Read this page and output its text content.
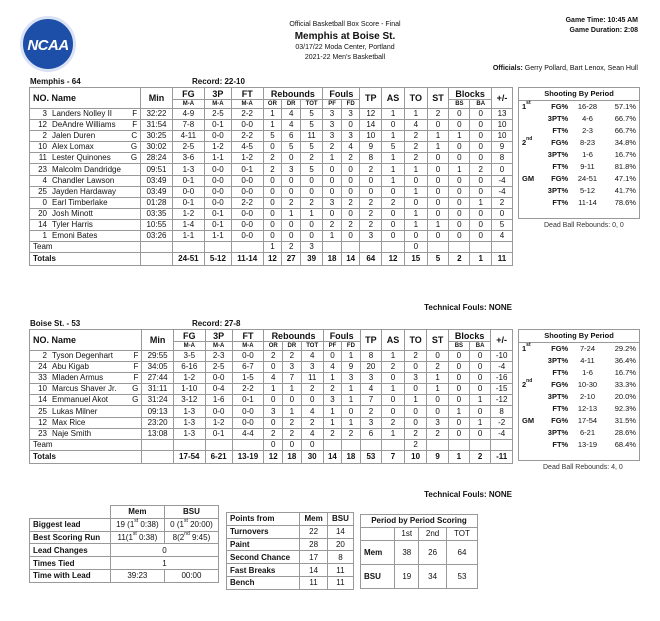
NCAA
Official Basketball Box Score - Final
Memphis at Boise St.
03/17/22 Moda Center, Portland
2021-22 Men's Basketball
Game Time: 10:45 AM
Game Duration: 2:08
Officials: Gerry Pollard, Bart Lenox, Sean Hull
Memphis - 64	Record: 22-10
NO. Name	Min	FG	3P	FT	Rebounds			Fouls		TP	AS	TO	ST	Blocks		+/-
		M-A	M-A	M-A	OR	DR	TOT	PF	FD					BS	BA	
3 Landers Nolley II F	32:22	4-9	2-5	2-2	1	4	5	3	3	12	1	1	2	0	0	13
12 DeAndre Williams F	31:54	7-8	0-1	0-0	1	4	5	3	0	14	0	4	0	0	0	10
2 Jalen Duren C	30:25	4-11	0-0	2-2	5	6	11	3	3	10	1	2	1	1	0	10
10 Alex Lomax G	30:02	2-5	1-2	4-5	0	5	5	2	4	9	5	2	1	0	0	9
11 Lester Quinones G	28:24	3-6	1-1	1-2	2	0	2	1	2	8	1	2	0	0	0	8
23 Malcolm Dandridge	09:51	1-3	0-0	0-1	2	3	5	0	0	2	1	1	0	1	2	0
4 Chandler Lawson	03:49	0-1	0-0	0-0	0	0	0	0	0	0	1	0	0	0	0	-4
25 Jayden Hardaway	03:49	0-0	0-0	0-0	0	0	0	0	0	0	0	1	0	0	0	-4
0 Earl Timberlake	01:28	0-1	0-0	2-2	0	2	2	3	2	2	2	0	0	0	1	2
20 Josh Minott	03:35	1-2	0-1	0-0	0	1	1	0	0	2	0	1	0	0	0	0
14 Tyler Harris	10:55	1-4	0-1	0-0	0	0	0	2	2	2	0	1	1	0	0	5
1 Emoni Bates	03:26	1-1	1-1	0-0	0	0	0	1	0	3	0	0	0	0	0	4
Team					1	2	3					0				
Totals		24-51	5-12	11-14	12	27	39	18	14	64	12	15	5	2	1	11
Technical Fouls: NONE
Shooting By Period			
1st	FG%	16-28	57.1%
	3PT%	4-6	66.7%
	FT%	2-3	66.7%
2nd	FG%	8-23	34.8%
	3PT%	1-6	16.7%
	FT%	9-11	81.8%
GM	FG%	24-51	47.1%
	3PT%	5-12	41.7%
	FT%	11-14	78.6%
Dead Ball Rebounds: 0, 0
Boise St. - 53	Record: 27-8
NO. Name	Min	FG	3P	FT	Rebounds			Fouls		TP	AS	TO	ST	Blocks		+/-
		M-A	M-A	M-A	OR	DR	TOT	PF	FD					BS	BA	
2 Tyson Degenhart F	29:55	3-5	2-3	0-0	2	2	4	0	1	8	1	2	0	0	0	-10
24 Abu Kigab F	34:05	6-16	2-5	6-7	0	3	3	4	9	20	2	0	2	0	0	-4
33 Mladen Armus F	27:44	1-2	0-0	1-5	4	7	11	1	3	3	0	3	1	0	0	-16
10 Marcus Shaver Jr. G	31:11	1-10	0-4	2-2	1	1	2	2	1	4	1	0	1	0	0	-15
14 Emmanuel Akot G	31:24	3-12	1-6	0-1	0	0	0	3	1	7	0	1	0	0	1	-12
25 Lukas Milner	09:13	1-3	0-0	0-0	3	1	4	1	0	2	0	0	0	1	0	8
12 Max Rice	23:20	1-3	1-2	0-0	0	2	2	1	1	3	2	0	3	0	1	-2
23 Naje Smith	13:08	1-3	0-1	4-4	2	2	4	2	2	6	1	2	2	0	0	-4
Team					0	0	0					2				
Totals		17-54	6-21	13-19	12	18	30	14	18	53	7	10	9	1	2	-11
Technical Fouls: NONE
Shooting By Period			
1st	FG%	7-24	29.2%
	3PT%	4-11	36.4%
	FT%	1-6	16.7%
2nd	FG%	10-30	33.3%
	3PT%	2-10	20.0%
	FT%	12-13	92.3%
GM	FG%	17-54	31.5%
	3PT%	6-21	28.6%
	FT%	13-19	68.4%
Dead Ball Rebounds: 4, 0
	Mem	BSU
Biggest lead	19 (1st 0:38)	0 (1st 20:00)
Best Scoring Run	11(1st 0:38)	8(2nd 9:45)
Lead Changes	0	
Times Tied	1	
Time with Lead	39:23	00:00
Points from	Mem	BSU
Turnovers	22	14
Paint	28	20
Second Chance	17	8
Fast Breaks	14	11
Bench	11	11
Period by Period Scoring			
	1st	2nd	TOT
Mem	38	26	64
BSU	19	34	53
